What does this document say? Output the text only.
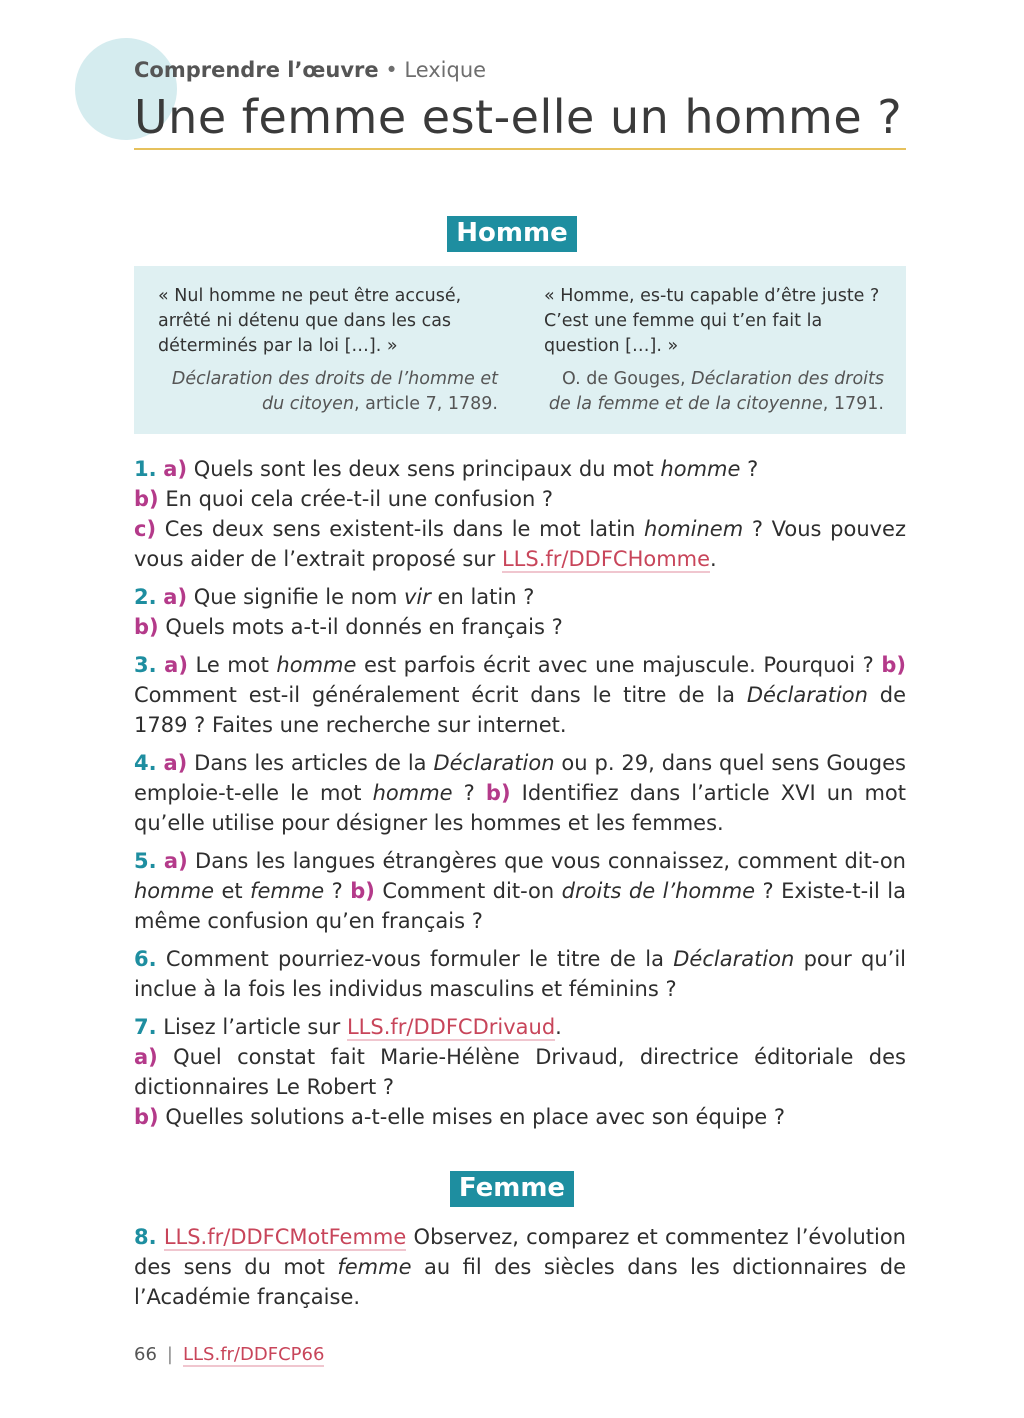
Comprendre l’œuvre • Lexique
Une femme est-elle un homme ?
Homme
« Nul homme ne peut être accusé, arrêté ni détenu que dans les cas déterminés par la loi […]. »
Déclaration des droits de l’homme et du citoyen, article 7, 1789.
« Homme, es-tu capable d’être juste ? C’est une femme qui t’en fait la question […]. »
O. de Gouges, Déclaration des droits de la femme et de la citoyenne, 1791.
1. a) Quels sont les deux sens principaux du mot homme ?
b) En quoi cela crée-t-il une confusion ?
c) Ces deux sens existent-ils dans le mot latin hominem ? Vous pouvez vous aider de l’extrait proposé sur LLS.fr/DDFCHomme.
2. a) Que signifie le nom vir en latin ?
b) Quels mots a-t-il donnés en français ?
3. a) Le mot homme est parfois écrit avec une majuscule. Pourquoi ? b) Comment est-il généralement écrit dans le titre de la Déclaration de 1789 ? Faites une recherche sur internet.
4. a) Dans les articles de la Déclaration ou p. 29, dans quel sens Gouges emploie-t-elle le mot homme ? b) Identifiez dans l’article XVI un mot qu’elle utilise pour désigner les hommes et les femmes.
5. a) Dans les langues étrangères que vous connaissez, comment dit-on homme et femme ? b) Comment dit-on droits de l’homme ? Existe-t-il la même confusion qu’en français ?
6. Comment pourriez-vous formuler le titre de la Déclaration pour qu’il inclue à la fois les individus masculins et féminins ?
7. Lisez l’article sur LLS.fr/DDFCDrivaud.
a) Quel constat fait Marie-Hélène Drivaud, directrice éditoriale des dictionnaires Le Robert ?
b) Quelles solutions a-t-elle mises en place avec son équipe ?
Femme
8. LLS.fr/DDFCMotFemme Observez, comparez et commentez l’évolution des sens du mot femme au fil des siècles dans les dictionnaires de l’Académie française.
66 | LLS.fr/DDFCP66
